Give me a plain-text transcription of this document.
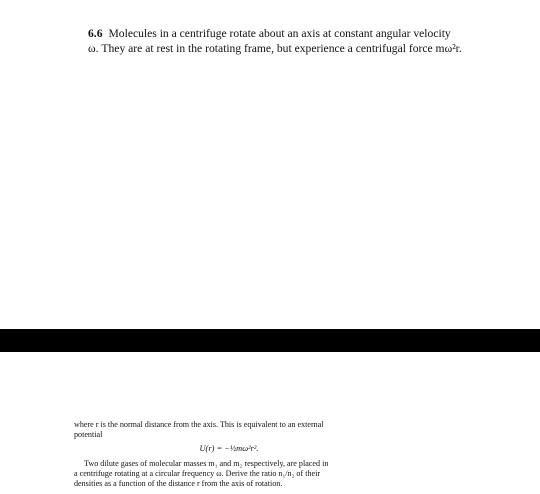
6.6 Molecules in a centrifuge rotate about an axis at constant angular velocity
ω. They are at rest in the rotating frame, but experience a centrifugal force mω²r.
where r is the normal distance from the axis. This is equivalent to an external
potential
U(r) = −½mω²r².
Two dilute gases of molecular masses m₁ and m₂ respectively, are placed in
a centrifuge rotating at a circular frequency ω. Derive the ratio n₁/n₂ of their
densities as a function of the distance r from the axis of rotation.
